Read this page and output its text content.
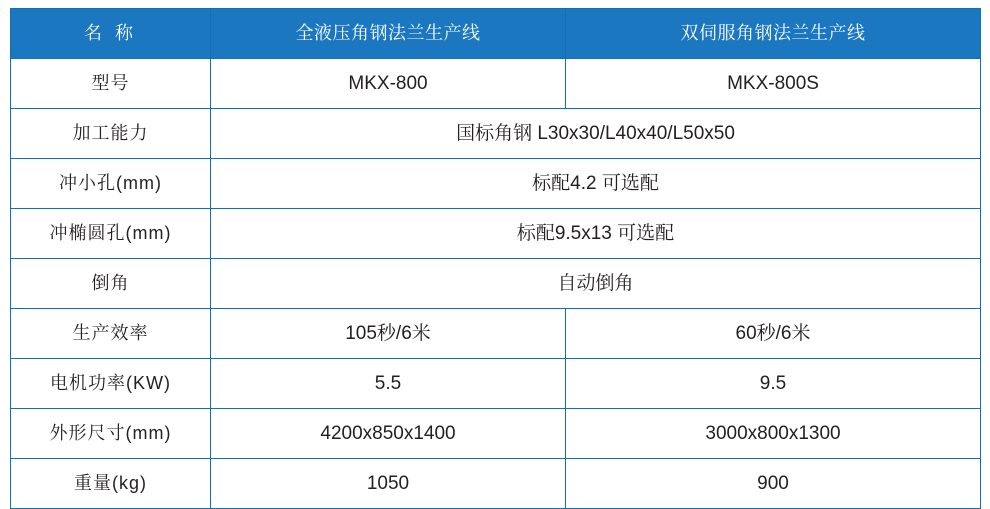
名 称	全液压角钢法兰生产线	双伺服角钢法兰生产线
型号	MKX-800	MKX-800S
加工能力	国标角钢 L30x30/L40x40/L50x50	
冲小孔(mm)	标配4.2 可选配	
冲椭圆孔(mm)	标配9.5x13 可选配	
倒角	自动倒角	
生产效率	105秒/6米	60秒/6米
电机功率(KW)	5.5	9.5
外形尺寸(mm)	4200x850x1400	3000x800x1300
重量(kg)	1050	900
